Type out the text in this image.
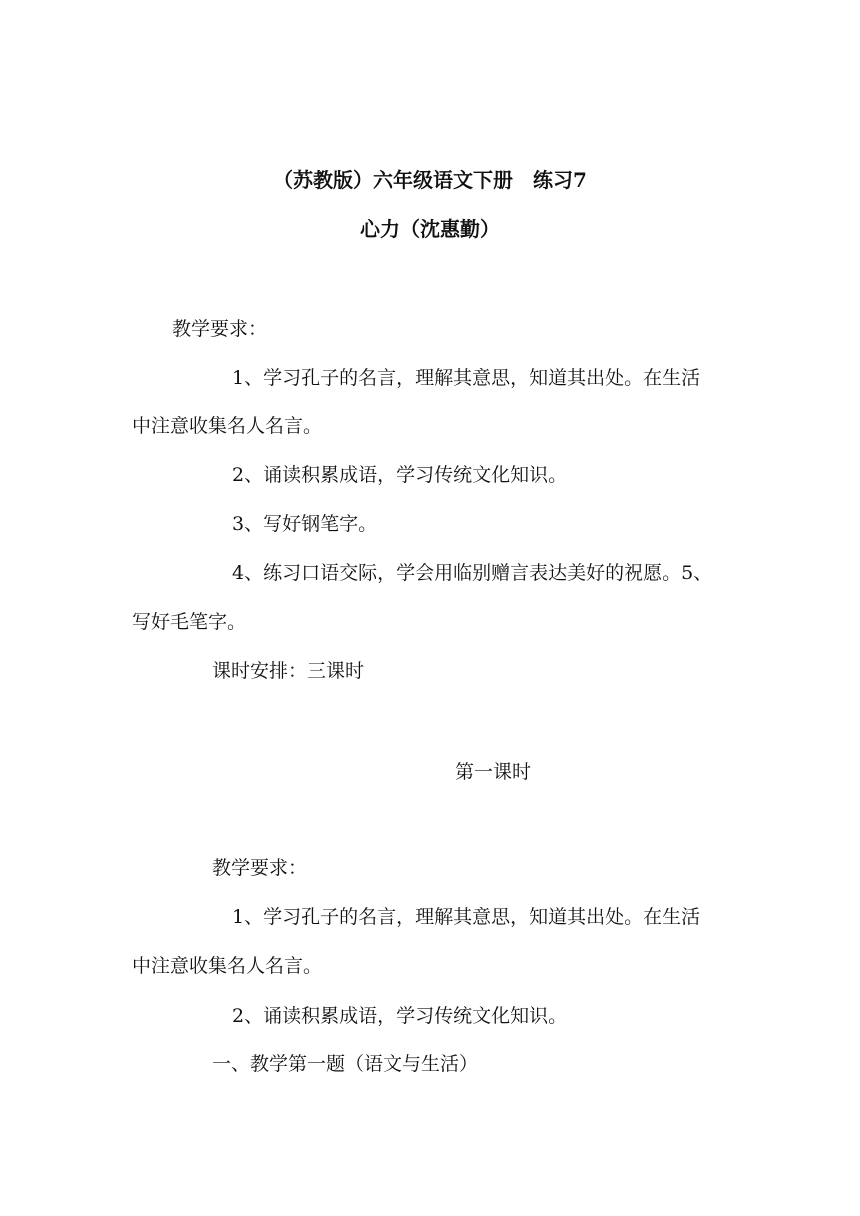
（苏教版）六年级语文下册　练习7
心力（沈惠勤）
教学要求：
1、学习孔子的名言，理解其意思，知道其出处。在生活
中注意收集名人名言。
2、诵读积累成语，学习传统文化知识。
3、写好钢笔字。
4、练习口语交际，学会用临别赠言表达美好的祝愿。5、
写好毛笔字。
课时安排：三课时
第一课时
教学要求：
1、学习孔子的名言，理解其意思，知道其出处。在生活
中注意收集名人名言。
2、诵读积累成语，学习传统文化知识。
一、教学第一题（语文与生活）
